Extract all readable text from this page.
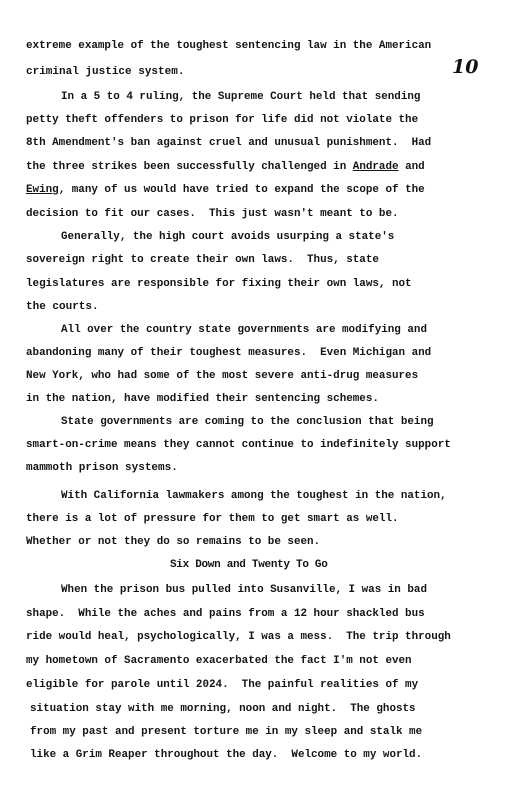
10
extreme example of the toughest sentencing law in the American
criminal justice system.
In a 5 to 4 ruling, the Supreme Court held that sending
petty theft offenders to prison for life did not violate the
8th Amendment's ban against cruel and unusual punishment.  Had
the three strikes been successfully challenged in Andrade and
Ewing, many of us would have tried to expand the scope of the
decision to fit our cases.  This just wasn't meant to be.
Generally, the high court avoids usurping a state's
sovereign right to create their own laws.  Thus, state
legislatures are responsible for fixing their own laws, not
the courts.
All over the country state governments are modifying and
abandoning many of their toughest measures.  Even Michigan and
New York, who had some of the most severe anti-drug measures
in the nation, have modified their sentencing schemes.
State governments are coming to the conclusion that being
smart-on-crime means they cannot continue to indefinitely support
mammoth prison systems.
With California lawmakers among the toughest in the nation,
there is a lot of pressure for them to get smart as well.
Whether or not they do so remains to be seen.
Six Down and Twenty To Go
When the prison bus pulled into Susanville, I was in bad
shape.  While the aches and pains from a 12 hour shackled bus
ride would heal, psychologically, I was a mess.  The trip through
my hometown of Sacramento exacerbated the fact I'm not even
eligible for parole until 2024.  The painful realities of my
situation stay with me morning, noon and night.  The ghosts
from my past and present torture me in my sleep and stalk me
like a Grim Reaper throughout the day.  Welcome to my world.
